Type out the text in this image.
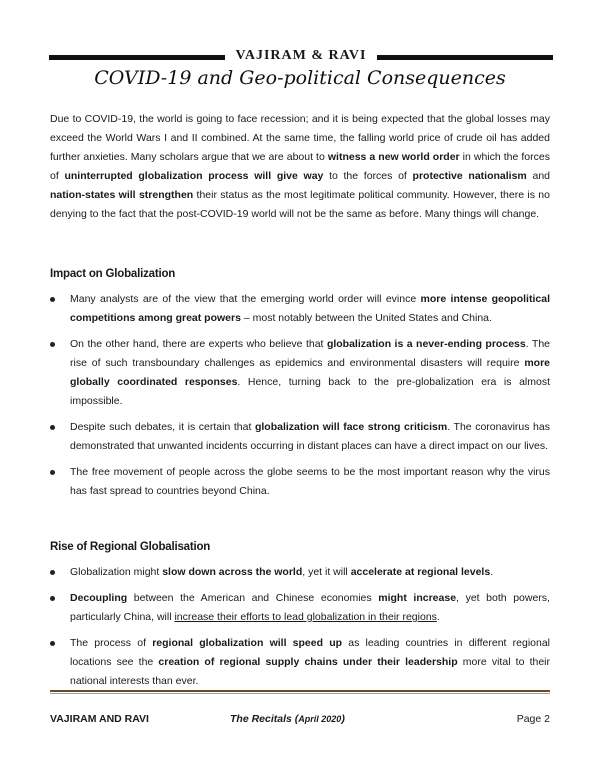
VAJIRAM & RAVI
COVID-19 and Geo-political Consequences

Due to COVID-19, the world is going to face recession; and it is being expected that the global losses may exceed the World Wars I and II combined. At the same time, the falling world price of crude oil has added further anxieties. Many scholars argue that we are about to witness a new world order in which the forces of uninterrupted globalization process will give way to the forces of protective nationalism and nation-states will strengthen their status as the most legitimate political community. However, there is no denying to the fact that the post-COVID-19 world will not be the same as before. Many things will change.

Impact on Globalization
Many analysts are of the view that the emerging world order will evince more intense geopolitical competitions among great powers – most notably between the United States and China.
On the other hand, there are experts who believe that globalization is a never-ending process. The rise of such transboundary challenges as epidemics and environmental disasters will require more globally coordinated responses. Hence, turning back to the pre-globalization era is almost impossible.
Despite such debates, it is certain that globalization will face strong criticism. The coronavirus has demonstrated that unwanted incidents occurring in distant places can have a direct impact on our lives.
The free movement of people across the globe seems to be the most important reason why the virus has fast spread to countries beyond China.
Rise of Regional Globalisation
Globalization might slow down across the world, yet it will accelerate at regional levels.
Decoupling between the American and Chinese economies might increase, yet both powers, particularly China, will increase their efforts to lead globalization in their regions.
The process of regional globalization will speed up as leading countries in different regional locations see the creation of regional supply chains under their leadership more vital to their national interests than ever.
VAJIRAM AND RAVI	The Recitals (April 2020)	Page 2
